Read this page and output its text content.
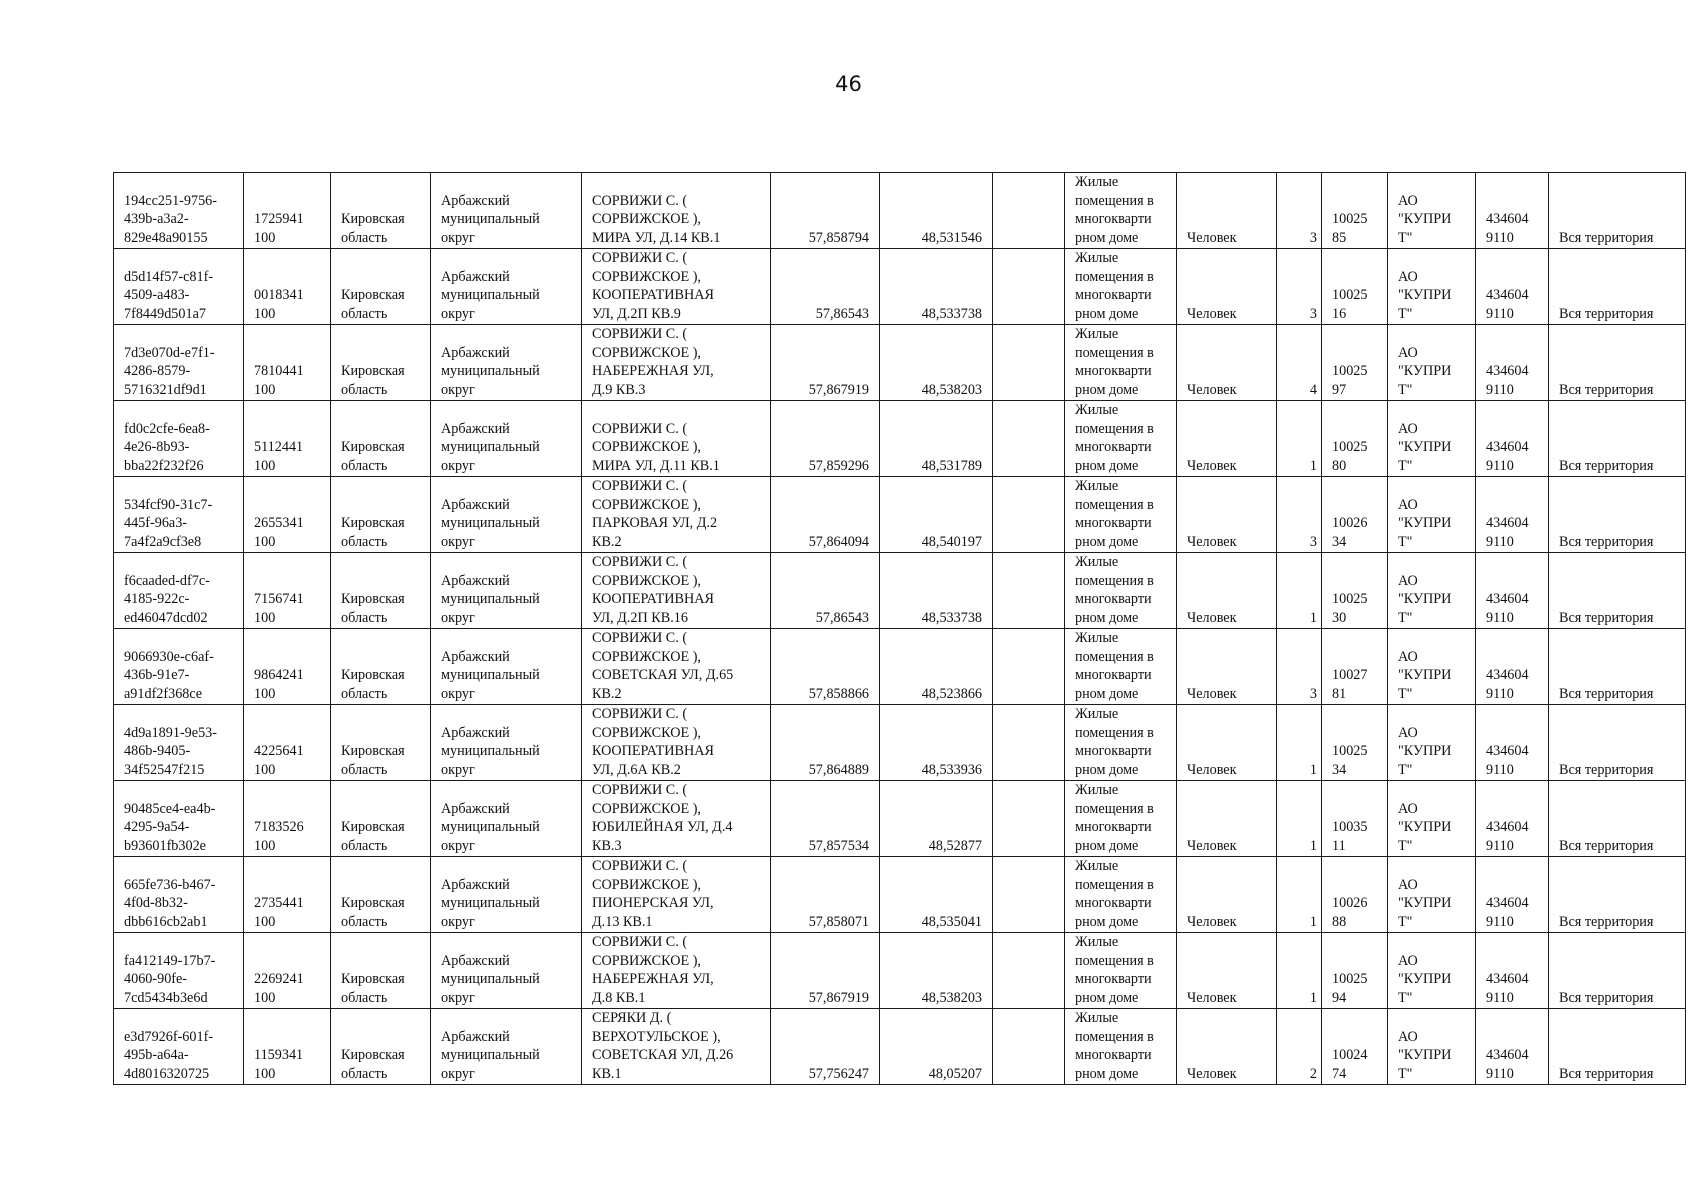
46
194cc251-9756-
439b-a3a2-
829e48a90155	1725941
100	Кировская
область	Арбажский
муниципальный
округ	СОРВИЖИ С. (
СОРВИЖСКОЕ ),
МИРА УЛ, Д.14 КВ.1	57,858794	48,531546		Жилые
помещения в
многокварти
рном доме	Человек	3	10025
85	АО
"КУПРИ
Т"	434604
9110	Вся территория
d5d14f57-c81f-
4509-a483-
7f8449d501a7	0018341
100	Кировская
область	Арбажский
муниципальный
округ	СОРВИЖИ С. (
СОРВИЖСКОЕ ),
КООПЕРАТИВНАЯ
УЛ, Д.2П КВ.9	57,86543	48,533738		Жилые
помещения в
многокварти
рном доме	Человек	3	10025
16	АО
"КУПРИ
Т"	434604
9110	Вся территория
7d3e070d-e7f1-
4286-8579-
5716321df9d1	7810441
100	Кировская
область	Арбажский
муниципальный
округ	СОРВИЖИ С. (
СОРВИЖСКОЕ ),
НАБЕРЕЖНАЯ УЛ,
Д.9 КВ.3	57,867919	48,538203		Жилые
помещения в
многокварти
рном доме	Человек	4	10025
97	АО
"КУПРИ
Т"	434604
9110	Вся территория
fd0c2cfe-6ea8-
4e26-8b93-
bba22f232f26	5112441
100	Кировская
область	Арбажский
муниципальный
округ	СОРВИЖИ С. (
СОРВИЖСКОЕ ),
МИРА УЛ, Д.11 КВ.1	57,859296	48,531789		Жилые
помещения в
многокварти
рном доме	Человек	1	10025
80	АО
"КУПРИ
Т"	434604
9110	Вся территория
534fcf90-31c7-
445f-96a3-
7a4f2a9cf3e8	2655341
100	Кировская
область	Арбажский
муниципальный
округ	СОРВИЖИ С. (
СОРВИЖСКОЕ ),
ПАРКОВАЯ УЛ, Д.2
КВ.2	57,864094	48,540197		Жилые
помещения в
многокварти
рном доме	Человек	3	10026
34	АО
"КУПРИ
Т"	434604
9110	Вся территория
f6caaded-df7c-
4185-922c-
ed46047dcd02	7156741
100	Кировская
область	Арбажский
муниципальный
округ	СОРВИЖИ С. (
СОРВИЖСКОЕ ),
КООПЕРАТИВНАЯ
УЛ, Д.2П КВ.16	57,86543	48,533738		Жилые
помещения в
многокварти
рном доме	Человек	1	10025
30	АО
"КУПРИ
Т"	434604
9110	Вся территория
9066930e-c6af-
436b-91e7-
a91df2f368ce	9864241
100	Кировская
область	Арбажский
муниципальный
округ	СОРВИЖИ С. (
СОРВИЖСКОЕ ),
СОВЕТСКАЯ УЛ, Д.65
КВ.2	57,858866	48,523866		Жилые
помещения в
многокварти
рном доме	Человек	3	10027
81	АО
"КУПРИ
Т"	434604
9110	Вся территория
4d9a1891-9e53-
486b-9405-
34f52547f215	4225641
100	Кировская
область	Арбажский
муниципальный
округ	СОРВИЖИ С. (
СОРВИЖСКОЕ ),
КООПЕРАТИВНАЯ
УЛ, Д.6А КВ.2	57,864889	48,533936		Жилые
помещения в
многокварти
рном доме	Человек	1	10025
34	АО
"КУПРИ
Т"	434604
9110	Вся территория
90485ce4-ea4b-
4295-9a54-
b93601fb302e	7183526
100	Кировская
область	Арбажский
муниципальный
округ	СОРВИЖИ С. (
СОРВИЖСКОЕ ),
ЮБИЛЕЙНАЯ УЛ, Д.4
КВ.3	57,857534	48,52877		Жилые
помещения в
многокварти
рном доме	Человек	1	10035
11	АО
"КУПРИ
Т"	434604
9110	Вся территория
665fe736-b467-
4f0d-8b32-
dbb616cb2ab1	2735441
100	Кировская
область	Арбажский
муниципальный
округ	СОРВИЖИ С. (
СОРВИЖСКОЕ ),
ПИОНЕРСКАЯ УЛ,
Д.13 КВ.1	57,858071	48,535041		Жилые
помещения в
многокварти
рном доме	Человек	1	10026
88	АО
"КУПРИ
Т"	434604
9110	Вся территория
fa412149-17b7-
4060-90fe-
7cd5434b3e6d	2269241
100	Кировская
область	Арбажский
муниципальный
округ	СОРВИЖИ С. (
СОРВИЖСКОЕ ),
НАБЕРЕЖНАЯ УЛ,
Д.8 КВ.1	57,867919	48,538203		Жилые
помещения в
многокварти
рном доме	Человек	1	10025
94	АО
"КУПРИ
Т"	434604
9110	Вся территория
e3d7926f-601f-
495b-a64a-
4d8016320725	1159341
100	Кировская
область	Арбажский
муниципальный
округ	СЕРЯКИ Д. (
ВЕРХОТУЛЬСКОЕ ),
СОВЕТСКАЯ УЛ, Д.26
КВ.1	57,756247	48,05207		Жилые
помещения в
многокварти
рном доме	Человек	2	10024
74	АО
"КУПРИ
Т"	434604
9110	Вся территория
